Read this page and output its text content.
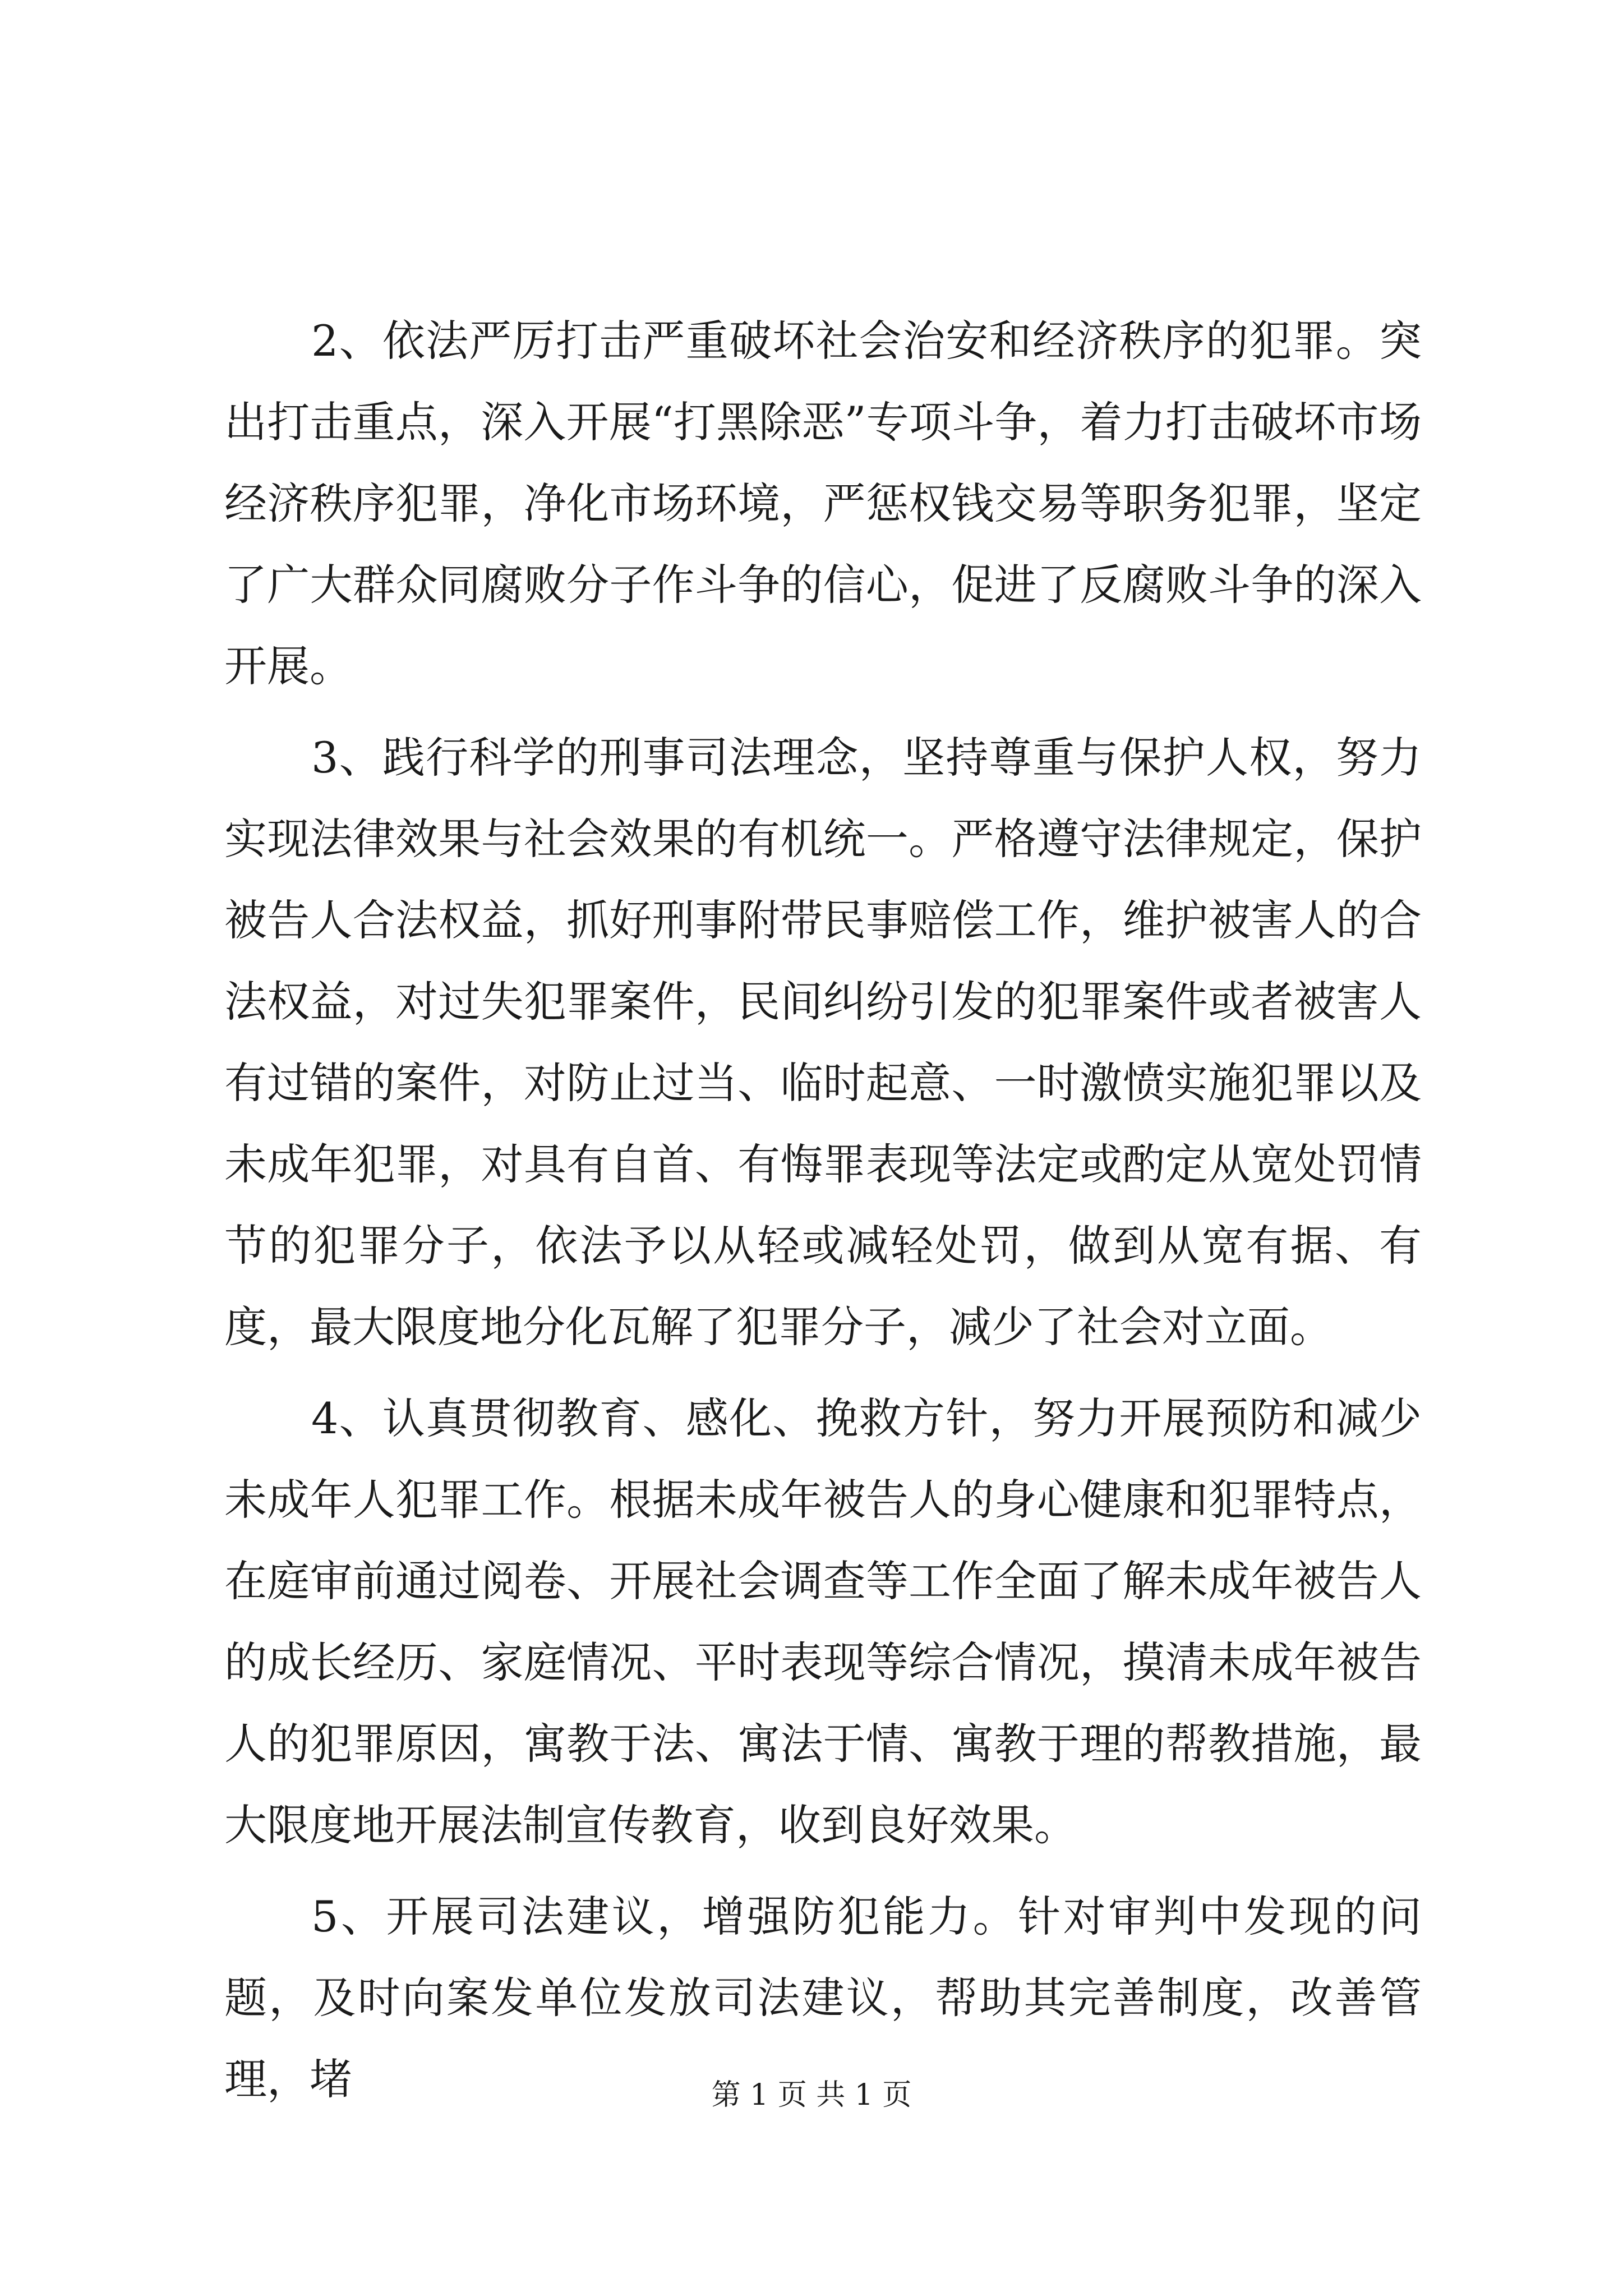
2、依法严厉打击严重破坏社会治安和经济秩序的犯罪。突出打击重点，深入开展“打黑除恶”专项斗争，着力打击破坏市场经济秩序犯罪，净化市场环境，严惩权钱交易等职务犯罪，坚定了广大群众同腐败分子作斗争的信心，促进了反腐败斗争的深入开展。

3、践行科学的刑事司法理念，坚持尊重与保护人权，努力实现法律效果与社会效果的有机统一。严格遵守法律规定，保护被告人合法权益，抓好刑事附带民事赔偿工作，维护被害人的合法权益，对过失犯罪案件，民间纠纷引发的犯罪案件或者被害人有过错的案件，对防止过当、临时起意、一时激愤实施犯罪以及未成年犯罪，对具有自首、有悔罪表现等法定或酌定从宽处罚情节的犯罪分子，依法予以从轻或减轻处罚，做到从宽有据、有度，最大限度地分化瓦解了犯罪分子，减少了社会对立面。

4、认真贯彻教育、感化、挽救方针，努力开展预防和减少未成年人犯罪工作。根据未成年被告人的身心健康和犯罪特点，在庭审前通过阅卷、开展社会调查等工作全面了解未成年被告人的成长经历、家庭情况、平时表现等综合情况，摸清未成年被告人的犯罪原因，寓教于法、寓法于情、寓教于理的帮教措施，最大限度地开展法制宣传教育，收到良好效果。

5、开展司法建议，增强防犯能力。针对审判中发现的问题，及时向案发单位发放司法建议，帮助其完善制度，改善管理，堵	第 1 页 共 1 页
